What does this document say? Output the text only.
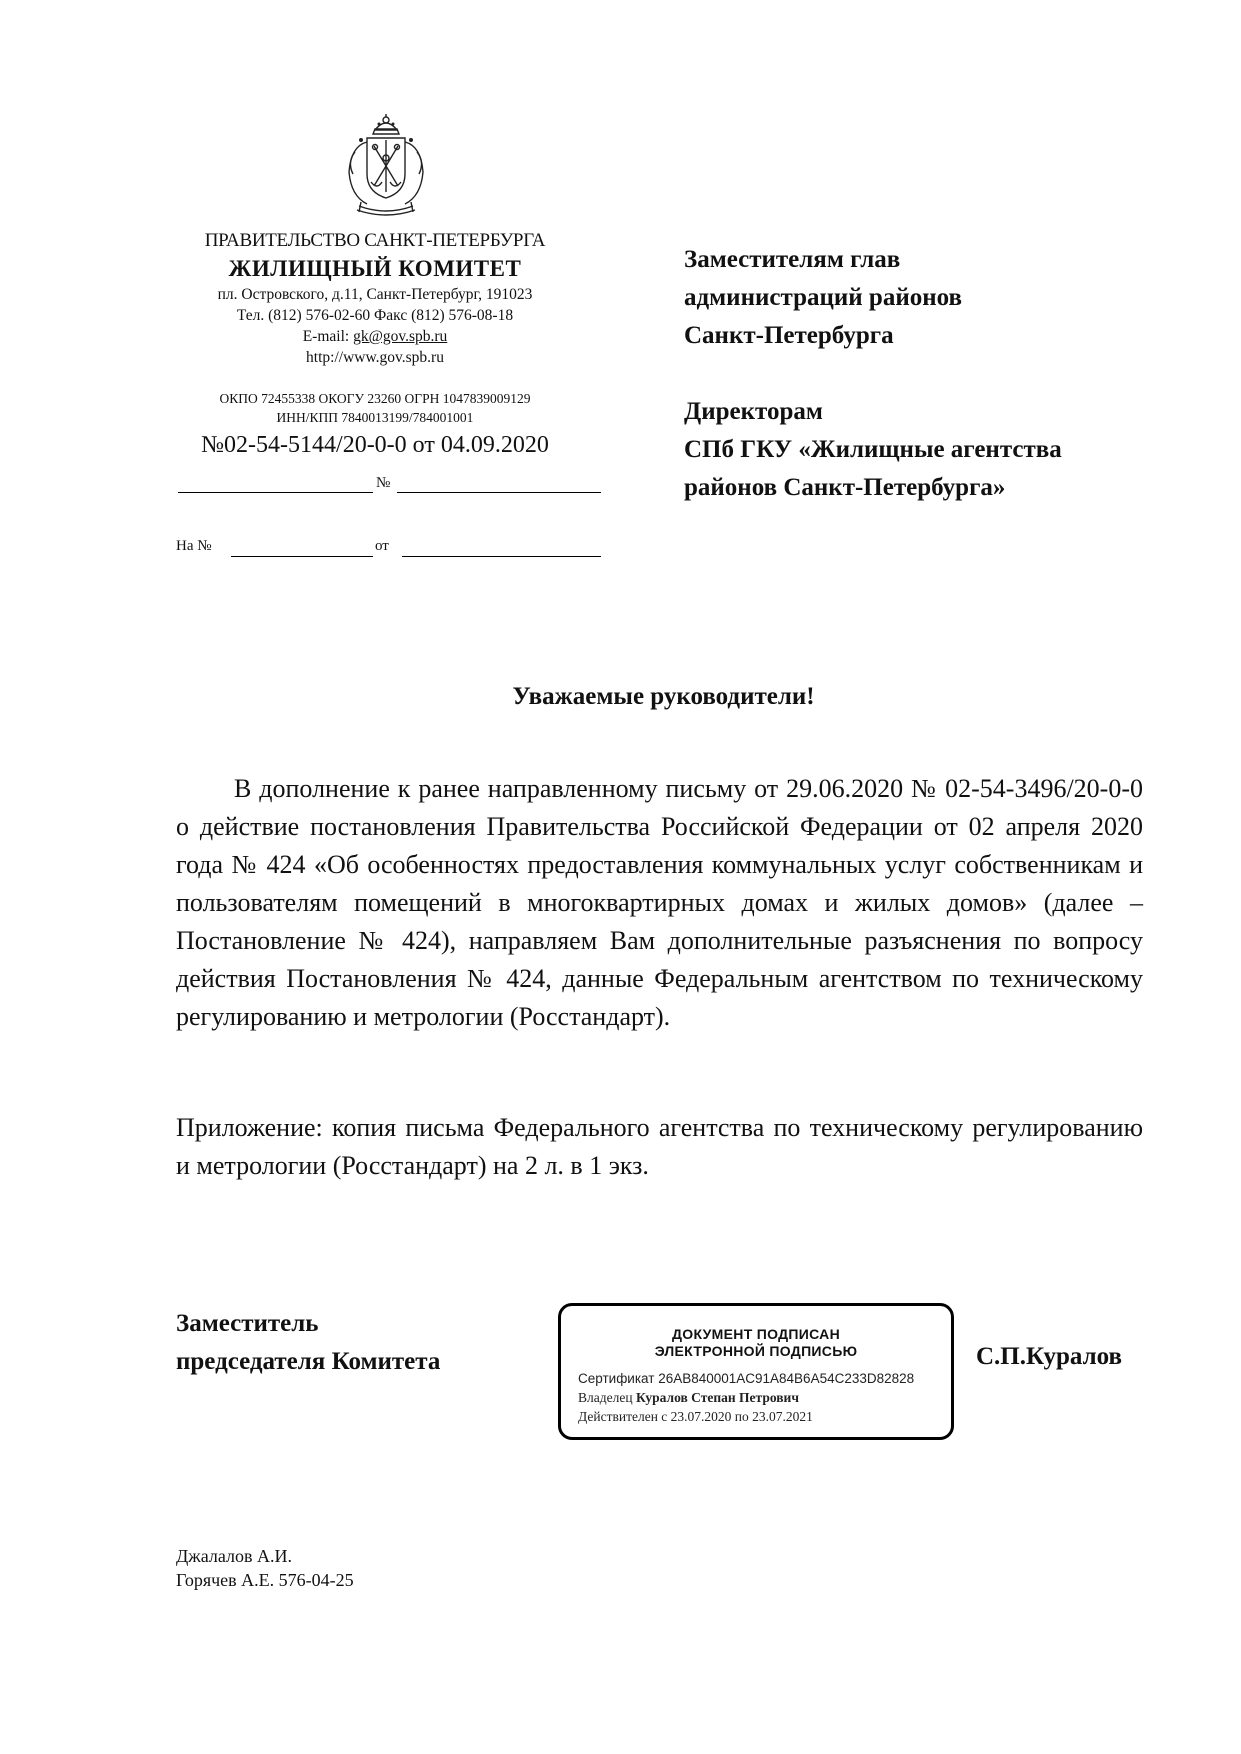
ПРАВИТЕЛЬСТВО САНКТ-ПЕТЕРБУРГА
ЖИЛИЩНЫЙ КОМИТЕТ
пл. Островского, д.11, Санкт-Петербург, 191023
Тел. (812) 576-02-60 Факс (812) 576-08-18
E-mail: gk@gov.spb.ru
http://www.gov.spb.ru
ОКПО 72455338 ОКОГУ 23260 ОГРН 1047839009129
ИНН/КПП 7840013199/784001001
№02-54-5144/20-0-0 от 04.09.2020
№
На №	от
Заместителям глав
администраций районов
Санкт-Петербурга
Директорам
СПб ГКУ «Жилищные агентства
районов Санкт-Петербурга»
Уважаемые руководители!
В дополнение к ранее направленному письму от 29.06.2020 № 02-54-3496/20-0-0 о действие постановления Правительства Российской Федерации от 02 апреля 2020 года № 424 «Об особенностях предоставления коммунальных услуг собственникам и пользователям помещений в многоквартирных домах и жилых домов» (далее – Постановление № 424), направляем Вам дополнительные разъяснения по вопросу действия Постановления № 424, данные Федеральным агентством по техническому регулированию и метрологии (Росстандарт).
Приложение: копия письма Федерального агентства по техническому регулированию и метрологии (Росстандарт) на 2 л. в 1 экз.
Заместитель
председателя Комитета
ДОКУМЕНТ ПОДПИСАН
ЭЛЕКТРОННОЙ ПОДПИСЬЮ
Сертификат 26AB840001AC91A84B6A54C233D82828
Владелец Куралов Степан Петрович
Действителен с 23.07.2020 по 23.07.2021
С.П.Куралов
Джалалов А.И.
Горячев А.Е. 576-04-25
